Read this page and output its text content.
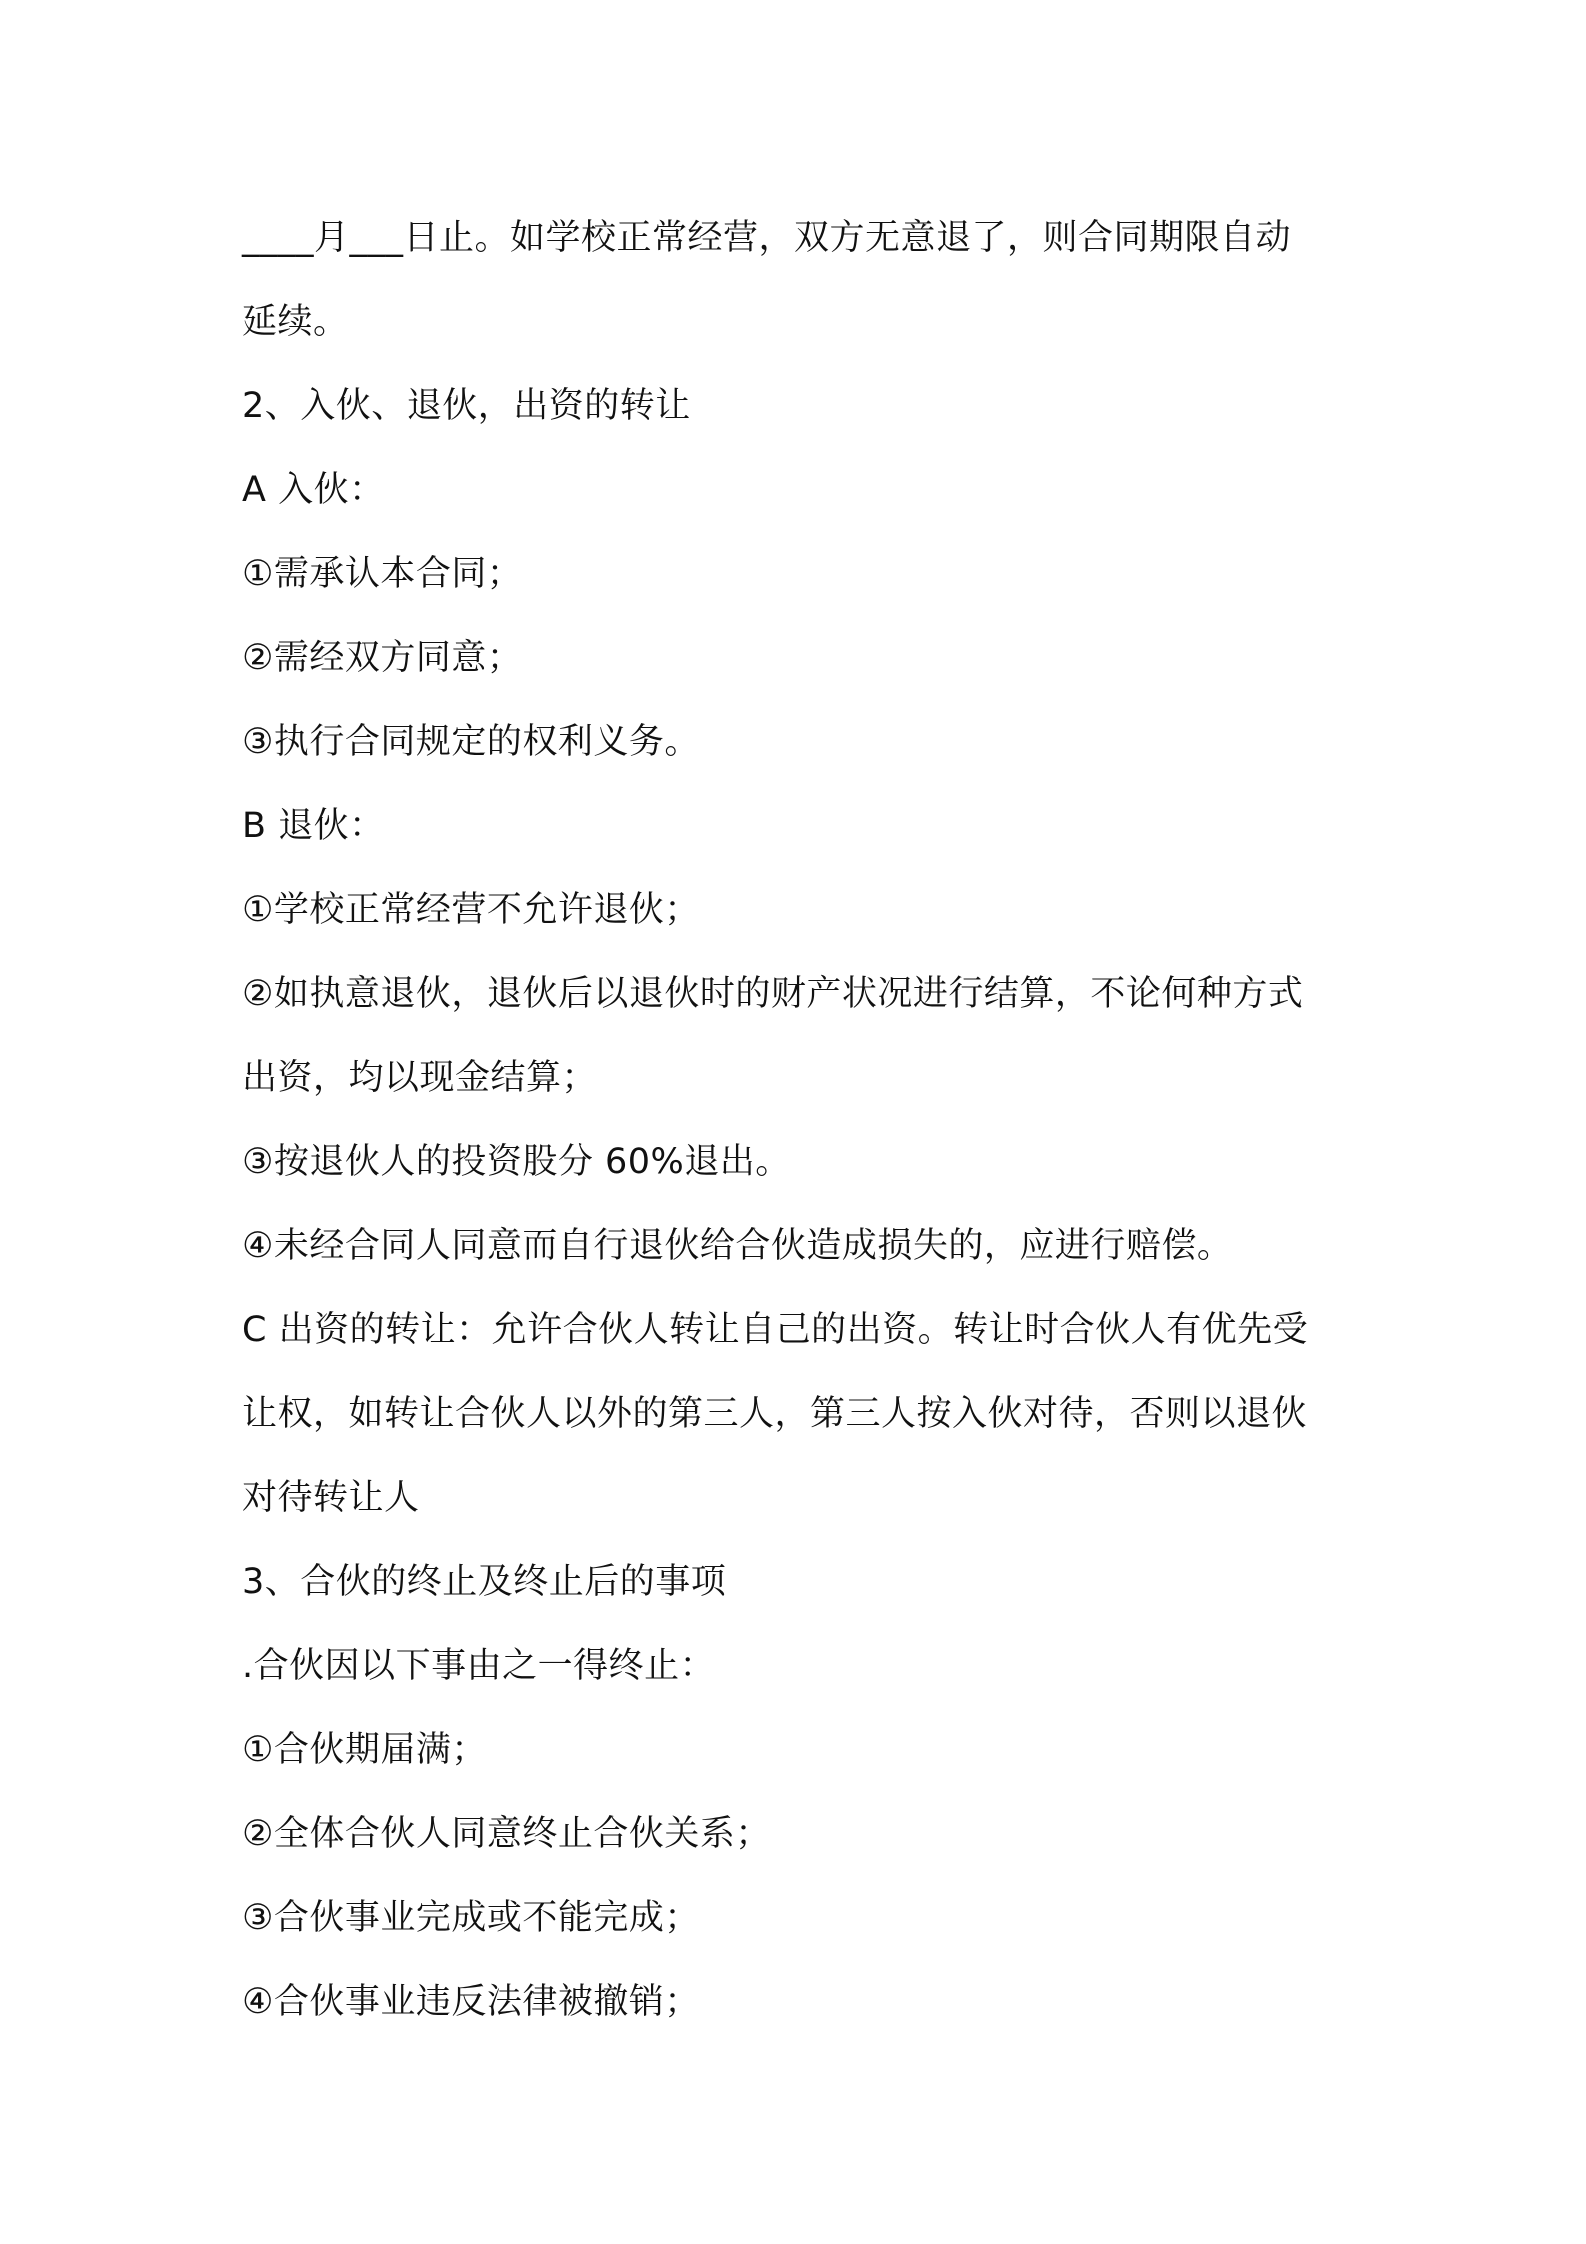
____月___日止。如学校正常经营，双方无意退了，则合同期限自动

延续。

2、入伙、退伙，出资的转让

A 入伙：

①需承认本合同；

②需经双方同意；

③执行合同规定的权利义务。

B 退伙：

①学校正常经营不允许退伙；

②如执意退伙，退伙后以退伙时的财产状况进行结算，不论何种方式

出资，均以现金结算；

③按退伙人的投资股分 60%退出。

④未经合同人同意而自行退伙给合伙造成损失的，应进行赔偿。

C 出资的转让：允许合伙人转让自己的出资。转让时合伙人有优先受

让权，如转让合伙人以外的第三人，第三人按入伙对待，否则以退伙

对待转让人

3、合伙的终止及终止后的事项

.合伙因以下事由之一得终止：

①合伙期届满；

②全体合伙人同意终止合伙关系；

③合伙事业完成或不能完成；

④合伙事业违反法律被撤销；
